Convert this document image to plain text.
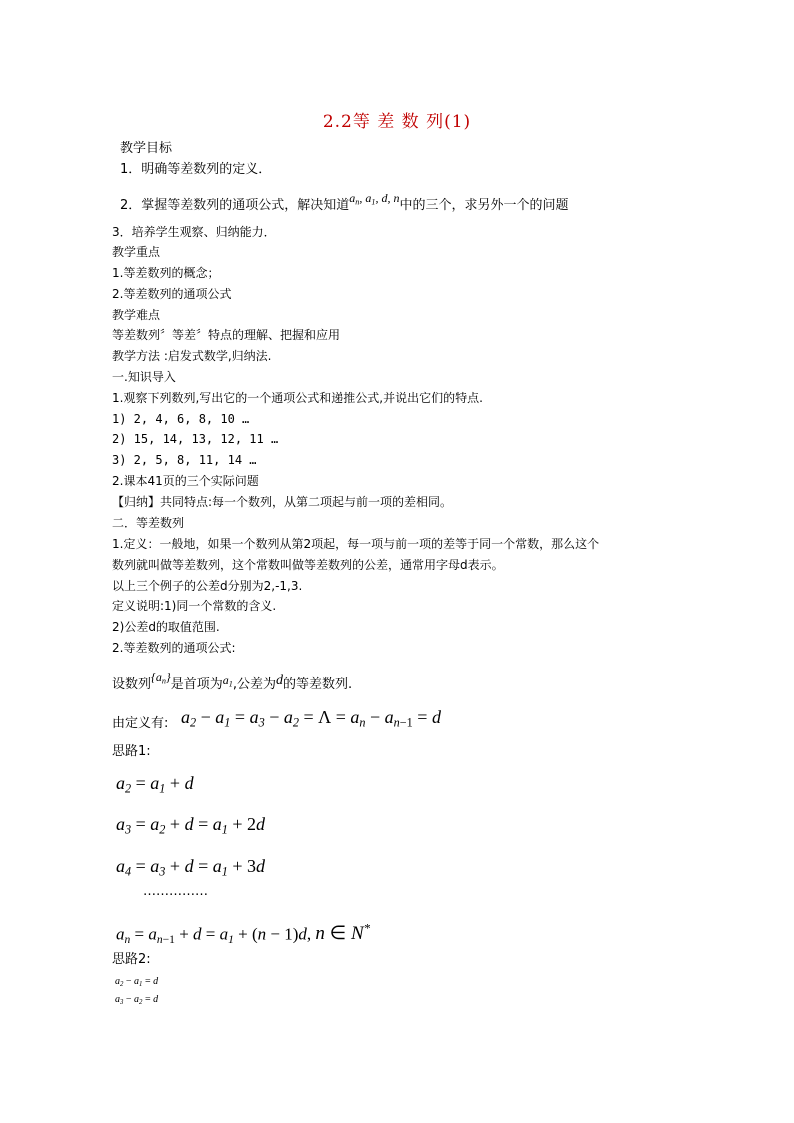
2.2等 差 数 列(1)
教学目标
1．明确等差数列的定义．
2．掌握等差数列的通项公式，解决知道$a_n$, $a_1$, d, n中的三个，求另外一个的问题
3．培养学生观察、归纳能力．
教学重点
1.等差数列的概念；
2.等差数列的通项公式
教学难点
等差数列〞等差〞特点的理解、把握和应用
教学方法 :启发式数学,归纳法.
一.知识导入
1.观察下列数列,写出它的一个通项公式和递推公式,并说出它们的特点.
1) 2, 4, 6, 8, 10 …
2) 15, 14, 13, 12, 11 …
3) 2, 5, 8, 11, 14 …
2.课本41页的三个实际问题
【归纳】共同特点:每一个数列，从第二项起与前一项的差相同。
二．等差数列
1.定义：一般地，如果一个数列从第2项起，每一项与前一项的差等于同一个常数，那么这个
数列就叫做等差数列，这个常数叫做等差数列的公差，通常用字母d表示。
以上三个例子的公差d分别为2,-1,3.
定义说明:1)同一个常数的含义.
2)公差d的取值范围.
2.等差数列的通项公式:
设数列$\{a_n\}$是首项为$a_1$,公差为d的等差数列.
由定义有: $a_2 - a_1 = a_3 - a_2 = \Lambda = a_n - a_{n-1} = d$
思路1:
$a_2 = a_1 + d$
$a_3 = a_2 + d = a_1 + 2d$
$a_4 = a_3 + d = a_1 + 3d$
……………
$a_n = a_{n-1} + d = a_1 + (n - 1)d$, n ∈ N*
思路2:
$a_2 - a_1 = d$
$a_3 - a_2 = d$
